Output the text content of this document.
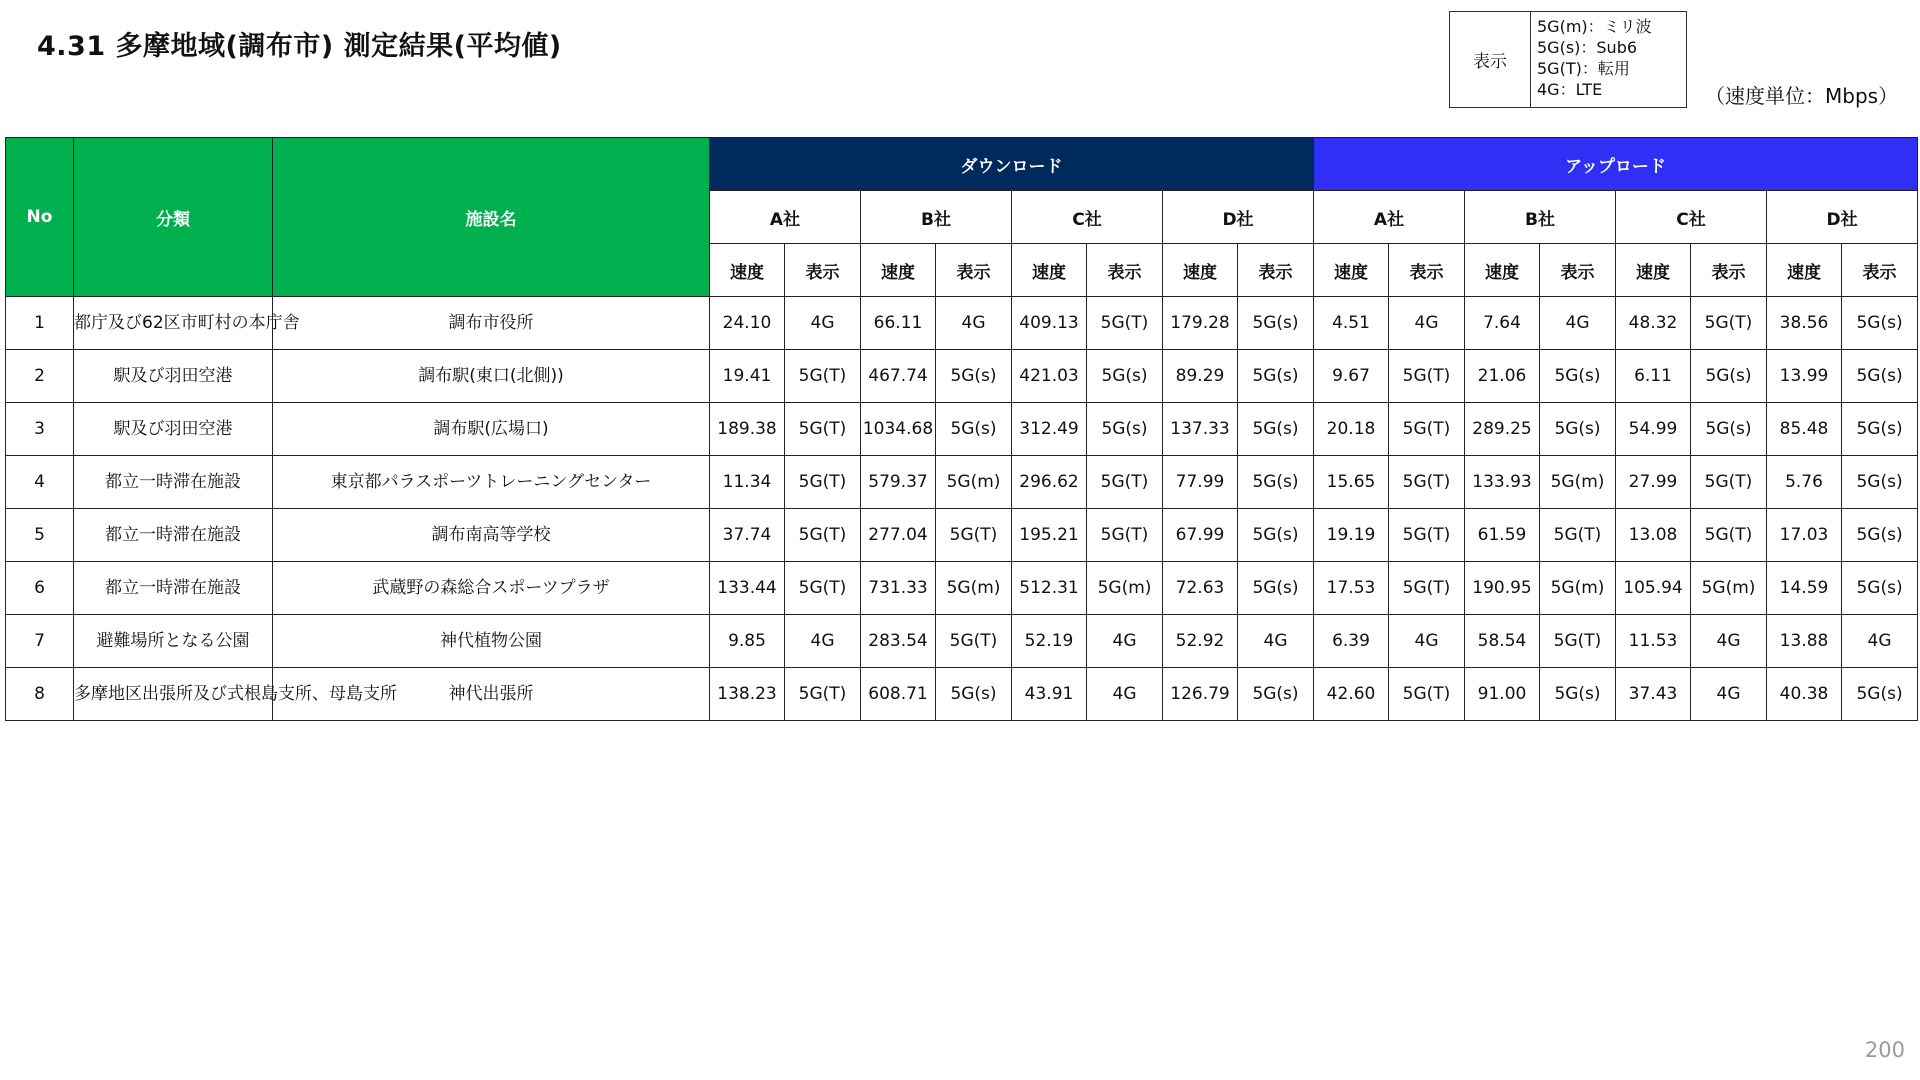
4.31 多摩地域(調布市) 測定結果(平均値)	表示
5G(m)：ミリ波
5G(s)：Sub6
5G(T)：転用
4G：LTE	（速度単位：Mbps）
No	分類	施設名	ダウンロード								アップロード							
			A社		B社		C社		D社		A社		B社		C社		D社	
			速度	表示	速度	表示	速度	表示	速度	表示	速度	表示	速度	表示	速度	表示	速度	表示
1	都庁及び62区市町村の本庁舎	調布市役所	24.10	4G	66.11	4G	409.13	5G(T)	179.28	5G(s)	4.51	4G	7.64	4G	48.32	5G(T)	38.56	5G(s)
2	駅及び羽田空港	調布駅(東口(北側))	19.41	5G(T)	467.74	5G(s)	421.03	5G(s)	89.29	5G(s)	9.67	5G(T)	21.06	5G(s)	6.11	5G(s)	13.99	5G(s)
3	駅及び羽田空港	調布駅(広場口)	189.38	5G(T)	1034.68	5G(s)	312.49	5G(s)	137.33	5G(s)	20.18	5G(T)	289.25	5G(s)	54.99	5G(s)	85.48	5G(s)
4	都立一時滞在施設	東京都パラスポーツトレーニングセンター	11.34	5G(T)	579.37	5G(m)	296.62	5G(T)	77.99	5G(s)	15.65	5G(T)	133.93	5G(m)	27.99	5G(T)	5.76	5G(s)
5	都立一時滞在施設	調布南高等学校	37.74	5G(T)	277.04	5G(T)	195.21	5G(T)	67.99	5G(s)	19.19	5G(T)	61.59	5G(T)	13.08	5G(T)	17.03	5G(s)
6	都立一時滞在施設	武蔵野の森総合スポーツプラザ	133.44	5G(T)	731.33	5G(m)	512.31	5G(m)	72.63	5G(s)	17.53	5G(T)	190.95	5G(m)	105.94	5G(m)	14.59	5G(s)
7	避難場所となる公園	神代植物公園	9.85	4G	283.54	5G(T)	52.19	4G	52.92	4G	6.39	4G	58.54	5G(T)	11.53	4G	13.88	4G
8	多摩地区出張所及び式根島支所、母島支所	神代出張所	138.23	5G(T)	608.71	5G(s)	43.91	4G	126.79	5G(s)	42.60	5G(T)	91.00	5G(s)	37.43	4G	40.38	5G(s)
200
